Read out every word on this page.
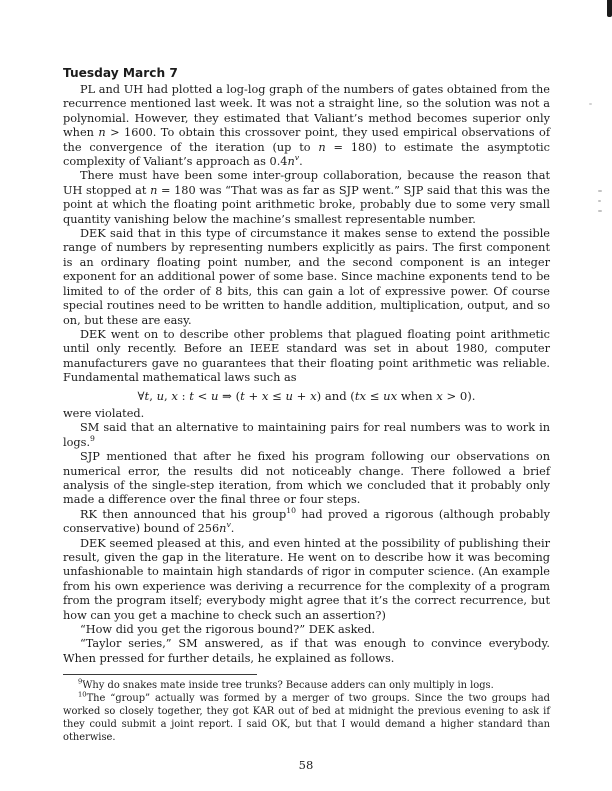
Tuesday March 7

PL and UH had plotted a log-log graph of the numbers of gates obtained from the recurrence mentioned last week. It was not a straight line, so the solution was not a polynomial. However, they estimated that Valiant’s method becomes superior only when n > 1600. To obtain this crossover point, they used empirical observations of the convergence of the iteration (up to n = 180) to estimate the asymptotic complexity of Valiant’s approach as $0.4n^v$.

There must have been some inter-group collaboration, because the reason that UH stopped at n = 180 was “That was as far as SJP went.” SJP said that this was the point at which the floating point arithmetic broke, probably due to some very small quantity vanishing below the machine’s smallest representable number.

DEK said that in this type of circumstance it makes sense to extend the possible range of numbers by representing numbers explicitly as pairs. The first component is an ordinary floating point number, and the second component is an integer exponent for an additional power of some base. Since machine exponents tend to be limited to of the order of 8 bits, this can gain a lot of expressive power. Of course special routines need to be written to handle addition, multiplication, output, and so on, but these are easy.

DEK went on to describe other problems that plagued floating point arithmetic until only recently. Before an IEEE standard was set in about 1980, computer manufacturers gave no guarantees that their floating point arithmetic was reliable. Fundamental mathematical laws such as

∀t, u, x : t < u ⇒ (t + x ≤ u + x) and (tx ≤ ux when x > 0).

were violated.

SM said that an alternative to maintaining pairs for real numbers was to work in logs.$^9$

SJP mentioned that after he fixed his program following our observations on numerical error, the results did not noticeably change. There followed a brief analysis of the single-step iteration, from which we concluded that it probably only made a difference over the final three or four steps.

RK then announced that his group$^{10}$ had proved a rigorous (although probably conservative) bound of $256n^v$.

DEK seemed pleased at this, and even hinted at the possibility of publishing their result, given the gap in the literature. He went on to describe how it was becoming unfashionable to maintain high standards of rigor in computer science. (An example from his own experience was deriving a recurrence for the complexity of a program from the program itself; everybody might agree that it’s the correct recurrence, but how can you get a machine to check such an assertion?)

“How did you get the rigorous bound?” DEK asked.

“Taylor series,” SM answered, as if that was enough to convince everybody. When pressed for further details, he explained as follows.

$^9$Why do snakes mate inside tree trunks? Because adders can only multiply in logs.

$^{10}$The “group” actually was formed by a merger of two groups. Since the two groups had worked so closely together, they got KAR out of bed at midnight the previous evening to ask if they could submit a joint report. I said OK, but that I would demand a higher standard than otherwise.

58
